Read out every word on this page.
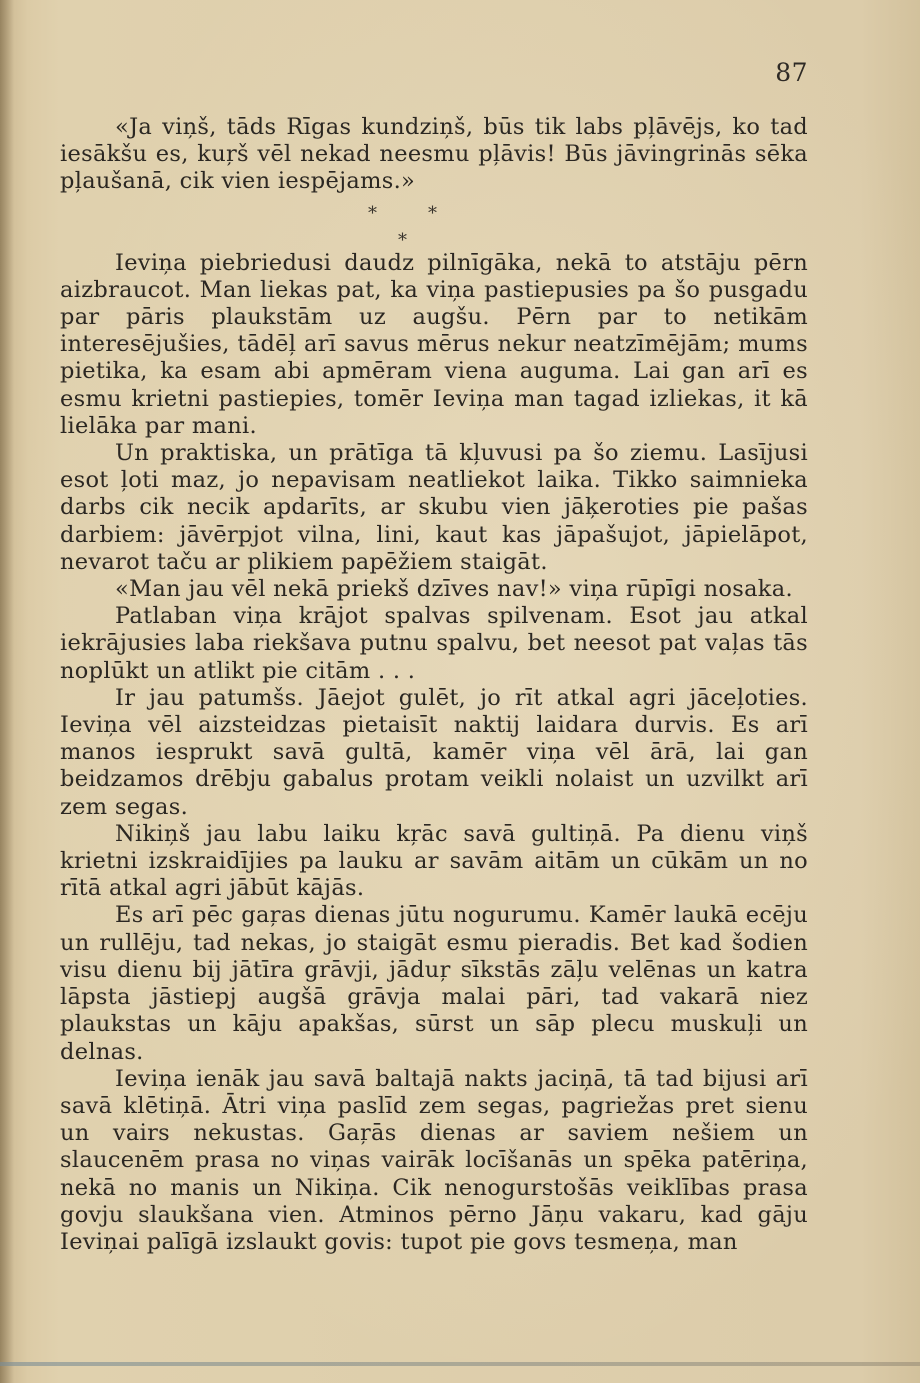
87

«Ja viņš, tāds Rīgas kundziņš, būs tik labs pļāvējs, ko tad iesākšu es, kuŗš vēl nekad neesmu pļāvis! Būs jāvingrinās sēka pļaušanā, cik vien iespējams.»

*	*
*

Ieviņa piebriedusi daudz pilnīgāka, nekā to atstāju pērn aizbraucot. Man liekas pat, ka viņa pastiepusies pa šo pusgadu par pāris plaukstām uz augšu. Pērn par to netikām interesējušies, tādēļ arī savus mērus nekur neatzīmējām; mums pietika, ka esam abi apmēram viena auguma. Lai gan arī es esmu krietni pastiepies, tomēr Ieviņa man tagad izliekas, it kā lielāka par mani.

Un praktiska, un prātīga tā kļuvusi pa šo ziemu. Lasījusi esot ļoti maz, jo nepavisam neatliekot laika. Tikko saimnieka darbs cik necik apdarīts, ar skubu vien jāķeroties pie pašas darbiem: jāvērpjot vilna, lini, kaut kas jāpašujot, jāpielāpot, nevarot taču ar plikiem papēžiem staigāt.

«Man jau vēl nekā priekš dzīves nav!» viņa rūpīgi nosaka.

Patlaban viņa krājot spalvas spilvenam. Esot jau atkal iekrājusies laba riekšava putnu spalvu, bet neesot pat vaļas tās noplūkt un atlikt pie citām . . .

Ir jau patumšs. Jāejot gulēt, jo rīt atkal agri jāceļoties. Ieviņa vēl aizsteidzas pietaisīt naktij laidara durvis. Es arī manos iesprukt savā gultā, kamēr viņa vēl ārā, lai gan beidzamos drēbju gabalus protam veikli nolaist un uzvilkt arī zem segas.

Nikiņš jau labu laiku kŗāc savā gultiņā. Pa dienu viņš krietni izskraidījies pa lauku ar savām aitām un cūkām un no rītā atkal agri jābūt kājās.

Es arī pēc gaŗas dienas jūtu nogurumu. Kamēr laukā ecēju un rullēju, tad nekas, jo staigāt esmu pieradis. Bet kad šodien visu dienu bij jātīra grāvji, jāduŗ sīkstās zāļu velēnas un katra lāpsta jāstiepj augšā grāvja malai pāri, tad vakarā niez plaukstas un kāju apakšas, sūrst un sāp plecu muskuļi un delnas.

Ieviņa ienāk jau savā baltajā nakts jaciņā, tā tad bijusi arī savā klētiņā. Ātri viņa paslīd zem segas, pagriežas pret sienu un vairs nekustas. Gaŗās dienas ar saviem nešiem un slaucenēm prasa no viņas vairāk locīšanās un spēka patēriņa, nekā no manis un Nikiņa. Cik nenogurstošās veiklības prasa govju slaukšana vien. Atminos pērno Jāņu vakaru, kad gāju Ieviņai palīgā izslaukt govis: tupot pie govs tesmeņa, man
